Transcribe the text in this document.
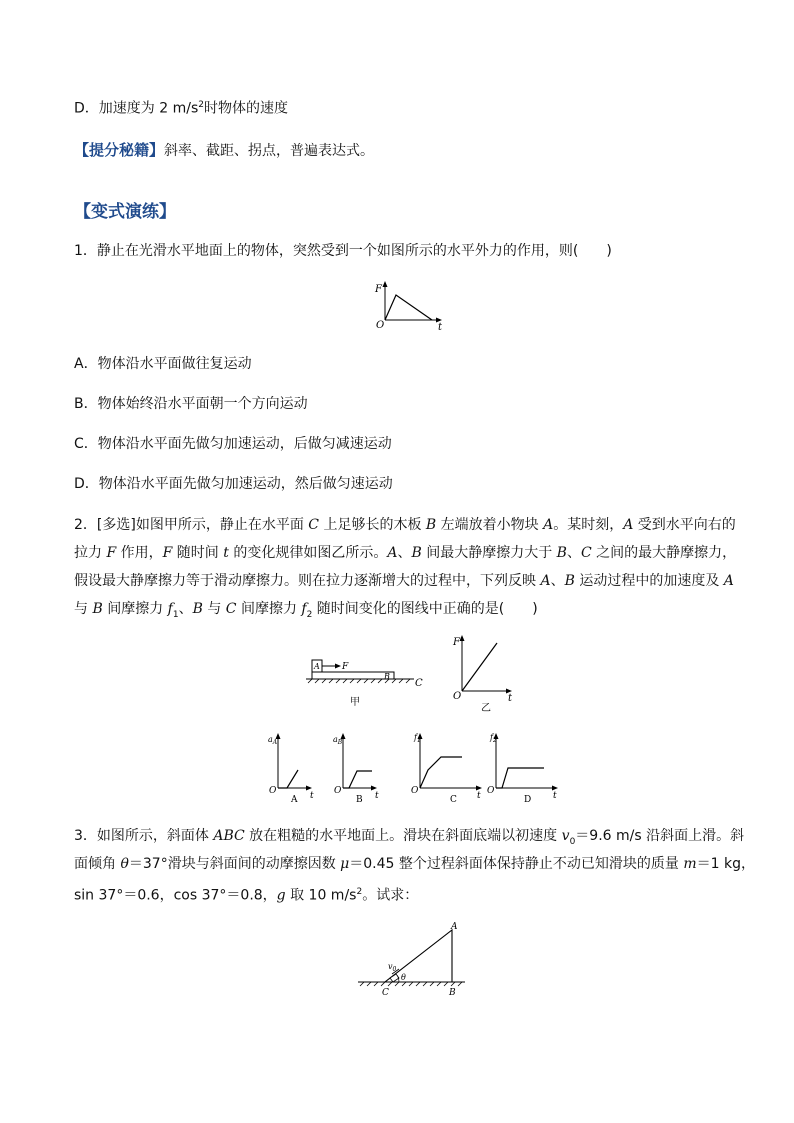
D．加速度为 2 $m/s^2$时物体的速度
【提分秘籍】斜率、截距、拐点，普遍表达式。
【变式演练】
1．静止在光滑水平地面上的物体，突然受到一个如图所示的水平外力的作用，则(　　)
F
O	t
A．物体沿水平面做往复运动
B．物体始终沿水平面朝一个方向运动
C．物体沿水平面先做匀加速运动，后做匀减速运动
D．物体沿水平面先做匀加速运动，然后做匀速运动
2．[多选]如图甲所示，静止在水平面 C 上足够长的木板 B 左端放着小物块 A。某时刻，A 受到水平向右的
拉力 F 作用，F 随时间 t 的变化规律如图乙所示。A、B 间最大静摩擦力大于 B、C 之间的最大静摩擦力，
假设最大静摩擦力等于滑动摩擦力。则在拉力逐渐增大的过程中，下列反映 A、B 运动过程中的加速度及 A
与 B 间摩擦力 $f_1$、B 与 C 间摩擦力 $f_2$ 随时间变化的图线中正确的是(　　)
A F
B
C
甲
F
O	t
乙
$a_A$
O	t
A
$a_B$
O	t
B
$f_1$
O	t
C
$f_2$
O	t
D
3．如图所示，斜面体 ABC 放在粗糙的水平地面上。滑块在斜面底端以初速度 $v_0=9.6$ m/s 沿斜面上滑。斜
面倾角 θ＝37°滑块与斜面间的动摩擦因数 μ＝0.45 整个过程斜面体保持静止不动已知滑块的质量 m＝1 kg，
sin 37°＝0.6，cos 37°＝0.8，g 取 10 $m/s^2$。试求：
A
B
C
$v_0$
θ
